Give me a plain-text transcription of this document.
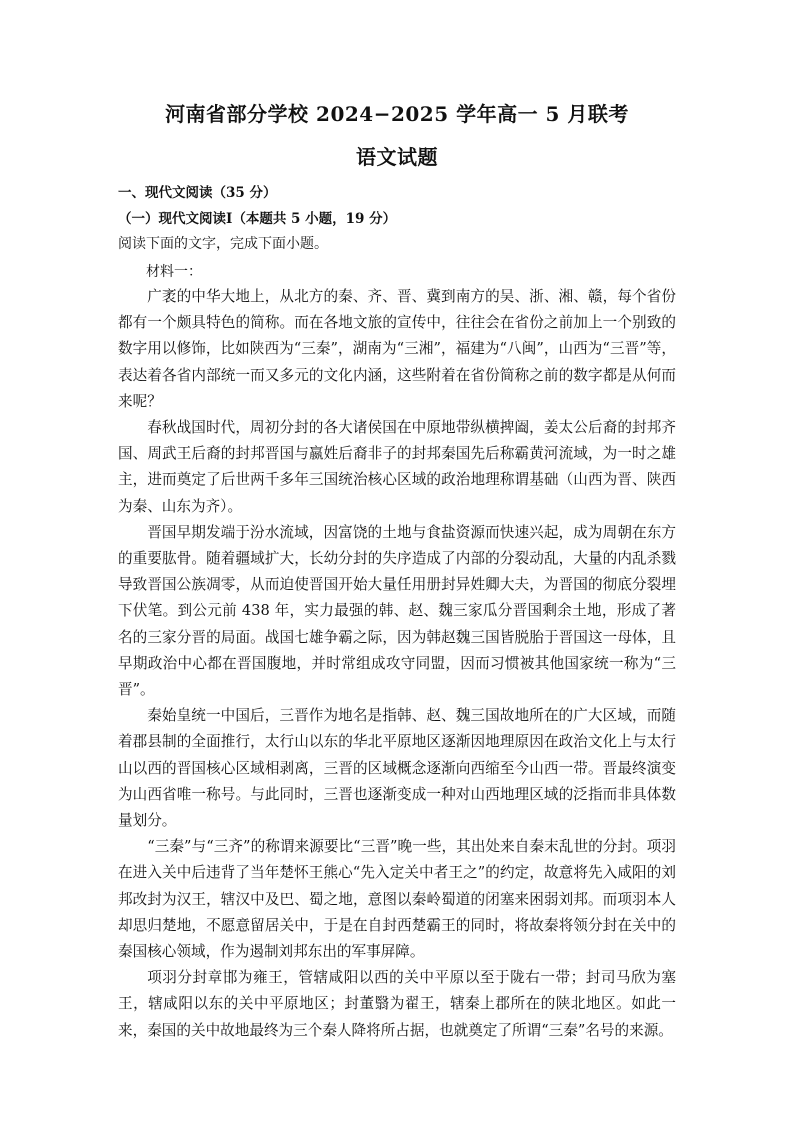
河南省部分学校 2024−2025 学年高一 5 月联考
语文试题
一、现代文阅读（35 分）
（一）现代文阅读Ⅰ（本题共 5 小题，19 分）
阅读下面的文字，完成下面小题。
材料一：

广袤的中华大地上，从北方的秦、齐、晋、冀到南方的吴、浙、湘、赣，每个省份都有一个颇具特色的简称。而在各地文旅的宣传中，往往会在省份之前加上一个别致的数字用以修饰，比如陕西为“三秦”，湖南为“三湘”，福建为“八闽”，山西为“三晋”等，表达着各省内部统一而又多元的文化内涵，这些附着在省份简称之前的数字都是从何而来呢？

春秋战国时代，周初分封的各大诸侯国在中原地带纵横捭阖，姜太公后裔的封邦齐国、周武王后裔的封邦晋国与嬴姓后裔非子的封邦秦国先后称霸黄河流域，为一时之雄主，进而奠定了后世两千多年三国统治核心区域的政治地理称谓基础（山西为晋、陕西为秦、山东为齐）。

晋国早期发端于汾水流域，因富饶的土地与食盐资源而快速兴起，成为周朝在东方的重要肱骨。随着疆域扩大，长幼分封的失序造成了内部的分裂动乱，大量的内乱杀戮导致晋国公族凋零，从而迫使晋国开始大量任用册封异姓卿大夫，为晋国的彻底分裂埋下伏笔。到公元前 438 年，实力最强的韩、赵、魏三家瓜分晋国剩余土地，形成了著名的三家分晋的局面。战国七雄争霸之际，因为韩赵魏三国皆脱胎于晋国这一母体，且早期政治中心都在晋国腹地，并时常组成攻守同盟，因而习惯被其他国家统一称为“三晋”。

秦始皇统一中国后，三晋作为地名是指韩、赵、魏三国故地所在的广大区域，而随着郡县制的全面推行，太行山以东的华北平原地区逐渐因地理原因在政治文化上与太行山以西的晋国核心区域相剥离，三晋的区域概念逐渐向西缩至今山西一带。晋最终演变为山西省唯一称号。与此同时，三晋也逐渐变成一种对山西地理区域的泛指而非具体数量划分。

“三秦”与“三齐”的称谓来源要比“三晋”晚一些，其出处来自秦末乱世的分封。项羽在进入关中后违背了当年楚怀王熊心“先入定关中者王之”的约定，故意将先入咸阳的刘邦改封为汉王，辖汉中及巴、蜀之地，意图以秦岭蜀道的闭塞来困弱刘邦。而项羽本人却思归楚地，不愿意留居关中，于是在自封西楚霸王的同时，将故秦将领分封在关中的秦国核心领域，作为遏制刘邦东出的军事屏障。

项羽分封章邯为雍王，管辖咸阳以西的关中平原以至于陇右一带；封司马欣为塞王，辖咸阳以东的关中平原地区；封董翳为翟王，辖秦上郡所在的陕北地区。如此一来，秦国的关中故地最终为三个秦人降将所占据，也就奠定了所谓“三秦”名号的来源。
